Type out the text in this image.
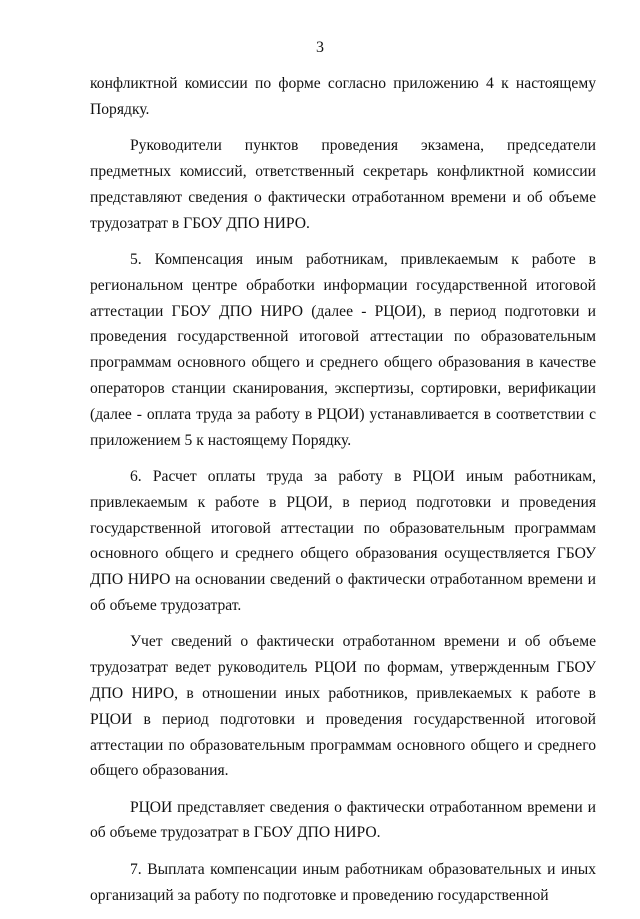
3

конфликтной комиссии по форме согласно приложению 4 к настоящему Порядку.

Руководители пунктов проведения экзамена, председатели предметных комиссий, ответственный секретарь конфликтной комиссии представляют сведения о фактически отработанном времени и об объеме трудозатрат в ГБОУ ДПО НИРО.

5. Компенсация иным работникам, привлекаемым к работе в региональном центре обработки информации государственной итоговой аттестации ГБОУ ДПО НИРО (далее - РЦОИ), в период подготовки и проведения государственной итоговой аттестации по образовательным программам основного общего и среднего общего образования в качестве операторов станции сканирования, экспертизы, сортировки, верификации (далее - оплата труда за работу в РЦОИ) устанавливается в соответствии с приложением 5 к настоящему Порядку.

6. Расчет оплаты труда за работу в РЦОИ иным работникам, привлекаемым к работе в РЦОИ, в период подготовки и проведения государственной итоговой аттестации по образовательным программам основного общего и среднего общего образования осуществляется ГБОУ ДПО НИРО на основании сведений о фактически отработанном времени и об объеме трудозатрат.

Учет сведений о фактически отработанном времени и об объеме трудозатрат ведет руководитель РЦОИ по формам, утвержденным ГБОУ ДПО НИРО, в отношении иных работников, привлекаемых к работе в РЦОИ в период подготовки и проведения государственной итоговой аттестации по образовательным программам основного общего и среднего общего образования.

РЦОИ представляет сведения о фактически отработанном времени и об объеме трудозатрат в ГБОУ ДПО НИРО.

7. Выплата компенсации иным работникам образовательных и иных организаций за работу по подготовке и проведению государственной
